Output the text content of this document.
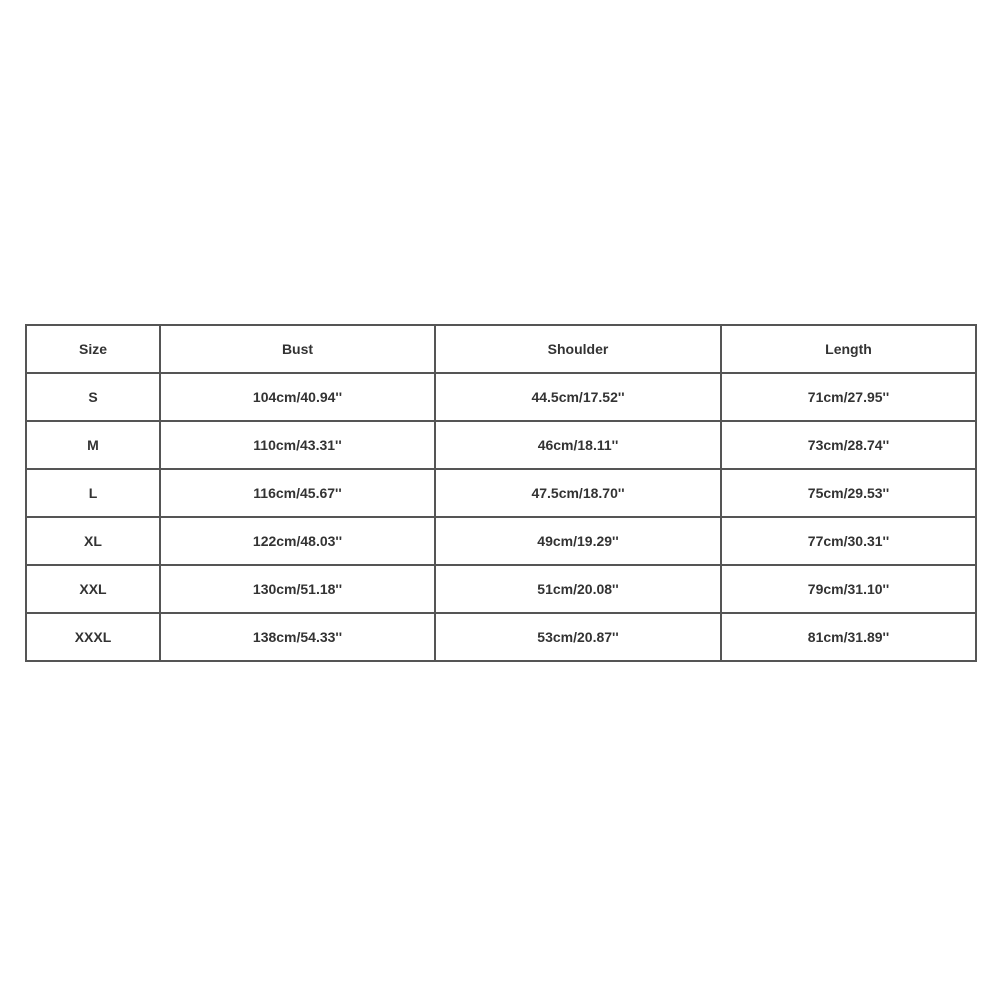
Size	Bust	Shoulder	Length
S	104cm/40.94''	44.5cm/17.52''	71cm/27.95''
M	110cm/43.31''	46cm/18.11''	73cm/28.74''
L	116cm/45.67''	47.5cm/18.70''	75cm/29.53''
XL	122cm/48.03''	49cm/19.29''	77cm/30.31''
XXL	130cm/51.18''	51cm/20.08''	79cm/31.10''
XXXL	138cm/54.33''	53cm/20.87''	81cm/31.89''
